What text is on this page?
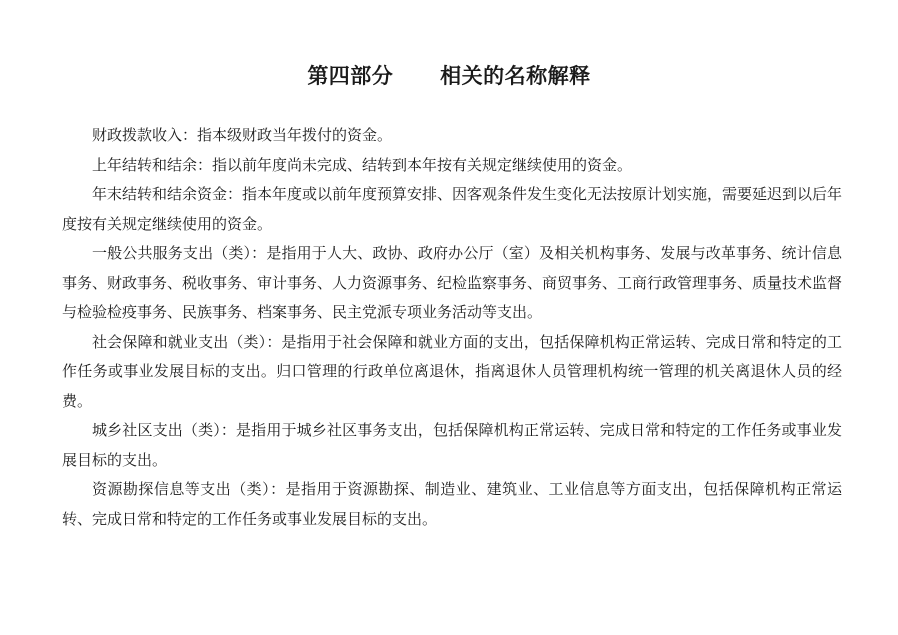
第四部分      相关的名称解释

财政拨款收入：指本级财政当年拨付的资金。

上年结转和结余：指以前年度尚未完成、结转到本年按有关规定继续使用的资金。

年末结转和结余资金：指本年度或以前年度预算安排、因客观条件发生变化无法按原计划实施，需要延迟到以后年度按有关规定继续使用的资金。

一般公共服务支出（类）：是指用于人大、政协、政府办公厅（室）及相关机构事务、发展与改革事务、统计信息事务、财政事务、税收事务、审计事务、人力资源事务、纪检监察事务、商贸事务、工商行政管理事务、质量技术监督与检验检疫事务、民族事务、档案事务、民主党派专项业务活动等支出。

社会保障和就业支出（类）：是指用于社会保障和就业方面的支出，包括保障机构正常运转、完成日常和特定的工作任务或事业发展目标的支出。归口管理的行政单位离退休，指离退休人员管理机构统一管理的机关离退休人员的经费。

城乡社区支出（类）：是指用于城乡社区事务支出，包括保障机构正常运转、完成日常和特定的工作任务或事业发展目标的支出。

资源勘探信息等支出（类）：是指用于资源勘探、制造业、建筑业、工业信息等方面支出，包括保障机构正常运转、完成日常和特定的工作任务或事业发展目标的支出。
